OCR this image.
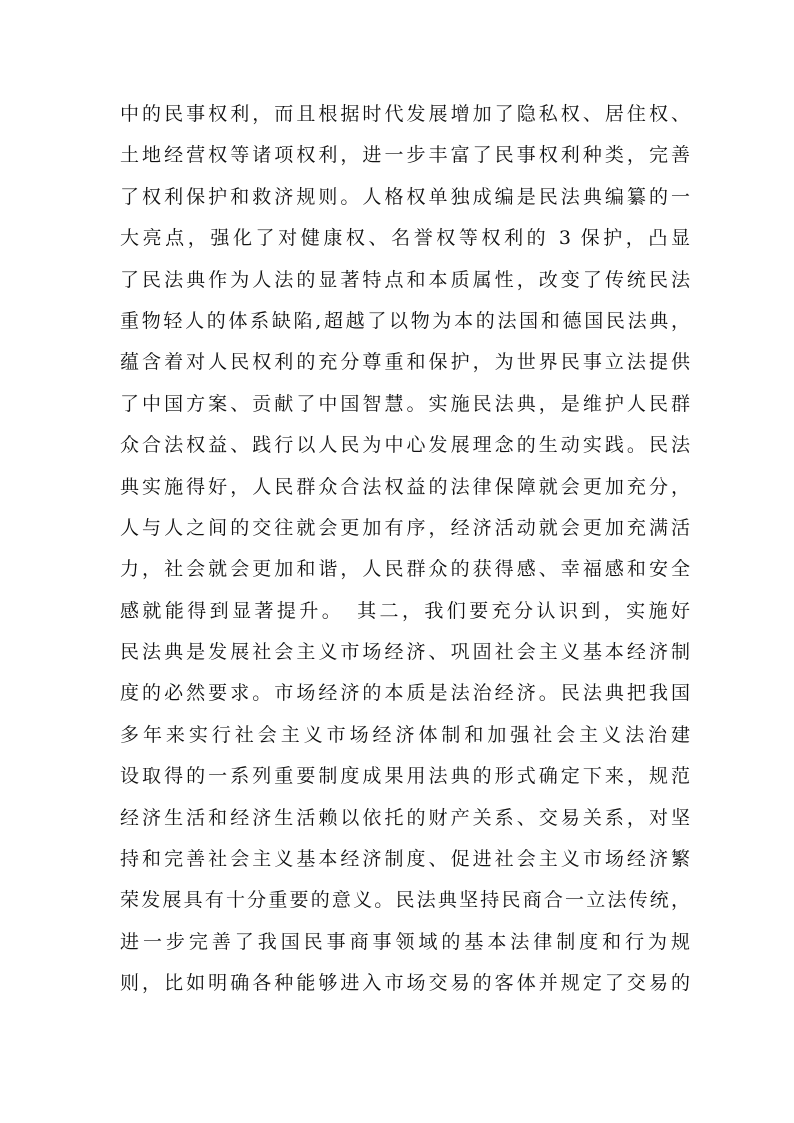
中的民事权利，而且根据时代发展增加了隐私权、居住权、
土地经营权等诸项权利，进一步丰富了民事权利种类，完善
了权利保护和救济规则。人格权单独成编是民法典编纂的一
大亮点，强化了对健康权、名誉权等权利的 3 保护，凸显
了民法典作为人法的显著特点和本质属性，改变了传统民法
重物轻人的体系缺陷,超越了以物为本的法国和德国民法典，
蕴含着对人民权利的充分尊重和保护，为世界民事立法提供
了中国方案、贡献了中国智慧。实施民法典，是维护人民群
众合法权益、践行以人民为中心发展理念的生动实践。民法
典实施得好，人民群众合法权益的法律保障就会更加充分，
人与人之间的交往就会更加有序，经济活动就会更加充满活
力，社会就会更加和谐，人民群众的获得感、幸福感和安全
感就能得到显著提升。　其二，我们要充分认识到，实施好
民法典是发展社会主义市场经济、巩固社会主义基本经济制
度的必然要求。市场经济的本质是法治经济。民法典把我国
多年来实行社会主义市场经济体制和加强社会主义法治建
设取得的一系列重要制度成果用法典的形式确定下来，规范
经济生活和经济生活赖以依托的财产关系、交易关系，对坚
持和完善社会主义基本经济制度、促进社会主义市场经济繁
荣发展具有十分重要的意义。民法典坚持民商合一立法传统，
进一步完善了我国民事商事领域的基本法律制度和行为规
则，比如明确各种能够进入市场交易的客体并规定了交易的
